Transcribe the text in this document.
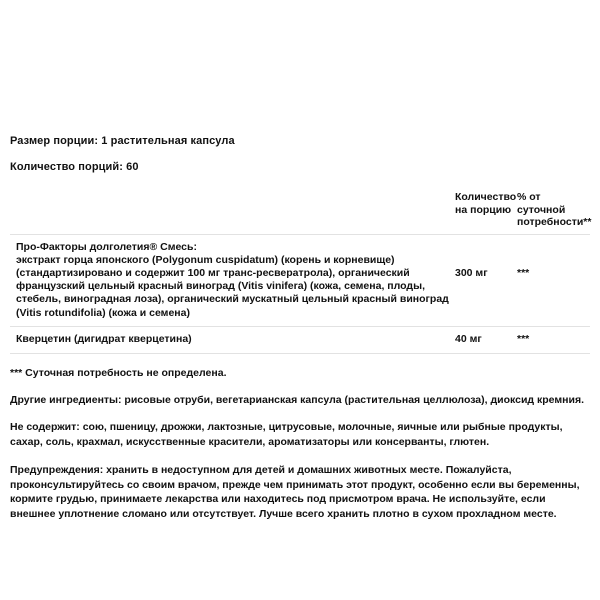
Размер порции: 1 растительная капсула

Количество порций: 60

	Количество
на порцию	% от суточной
потребности**

Про-Факторы долголетия® Смесь:
экстракт горца японского (Polygonum cuspidatum) (корень и корневище) (стандартизировано и содержит 100 мг транс-ресвератрола), органический французский цельный красный виноград (Vitis vinifera) (кожа, семена, плоды, стебель, виноградная лоза), органический мускатный цельный красный виноград (Vitis rotundifolia) (кожа и семена)	300 мг	***

Кверцетин (дигидрат кверцетина)	40 мг	***

*** Суточная потребность не определена.

Другие ингредиенты: рисовые отруби, вегетарианская капсула (растительная целлюлоза), диоксид кремния.

Не содержит: сою, пшеницу, дрожжи, лактозные, цитрусовые, молочные, яичные или рыбные продукты, сахар, соль, крахмал, искусственные красители, ароматизаторы или консерванты, глютен.

Предупреждения: хранить в недоступном для детей и домашних животных месте. Пожалуйста, проконсультируйтесь со своим врачом, прежде чем принимать этот продукт, особенно если вы беременны, кормите грудью, принимаете лекарства или находитесь под присмотром врача. Не используйте, если внешнее уплотнение сломано или отсутствует. Лучше всего хранить плотно в сухом прохладном месте.
